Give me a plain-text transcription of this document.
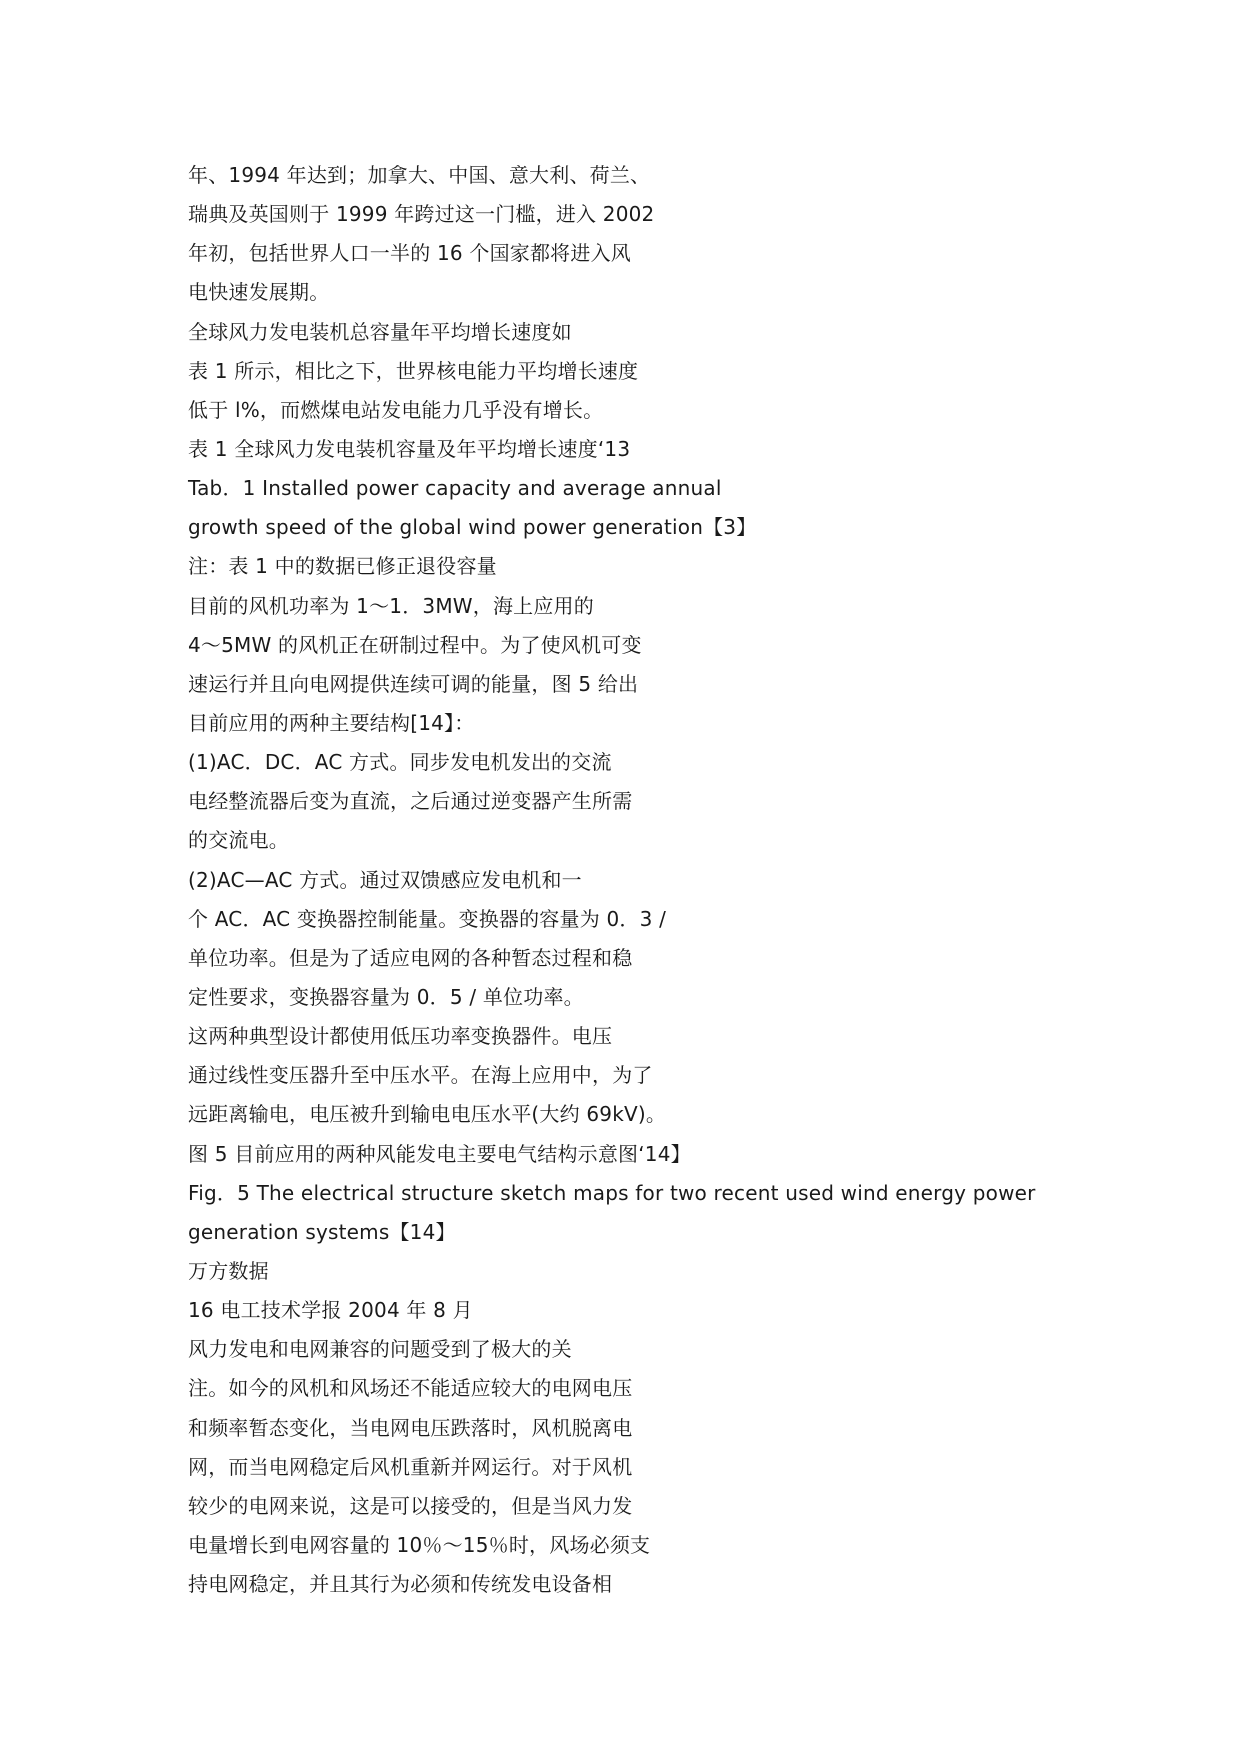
年、1994 年达到；加拿大、中国、意大利、荷兰、
瑞典及英国则于 1999 年跨过这一门槛，进入 2002
年初，包括世界人口一半的 16 个国家都将进入风
电快速发展期。
全球风力发电装机总容量年平均增长速度如
表 1 所示，相比之下，世界核电能力平均增长速度
低于 l%，而燃煤电站发电能力几乎没有增长。
表 1 全球风力发电装机容量及年平均增长速度‘13
Tab．1 Installed power capacity and average annual
growth speed of the global wind power generation【3】
注：表 1 中的数据已修正退役容量
目前的风机功率为 1～1．3MW，海上应用的
4～5MW 的风机正在研制过程中。为了使风机可变
速运行并且向电网提供连续可调的能量，图 5 给出
目前应用的两种主要结构[14】：
(1)AC．DC．AC 方式。同步发电机发出的交流
电经整流器后变为直流，之后通过逆变器产生所需
的交流电。
(2)AC—AC 方式。通过双馈感应发电机和一
个 AC．AC 变换器控制能量。变换器的容量为 0．3 /
单位功率。但是为了适应电网的各种暂态过程和稳
定性要求，变换器容量为 0．5 / 单位功率。
这两种典型设计都使用低压功率变换器件。电压
通过线性变压器升至中压水平。在海上应用中，为了
远距离输电，电压被升到输电电压水平(大约 69kV)。
图 5 目前应用的两种风能发电主要电气结构示意图‘14】
Fig．5 The electrical structure sketch maps for two recent used wind energy power
generation systems【14】
万方数据
16 电工技术学报 2004 年 8 月
风力发电和电网兼容的问题受到了极大的关
注。如今的风机和风场还不能适应较大的电网电压
和频率暂态变化，当电网电压跌落时，风机脱离电
网，而当电网稳定后风机重新并网运行。对于风机
较少的电网来说，这是可以接受的，但是当风力发
电量增长到电网容量的 10％～15％时，风场必须支
持电网稳定，并且其行为必须和传统发电设备相
